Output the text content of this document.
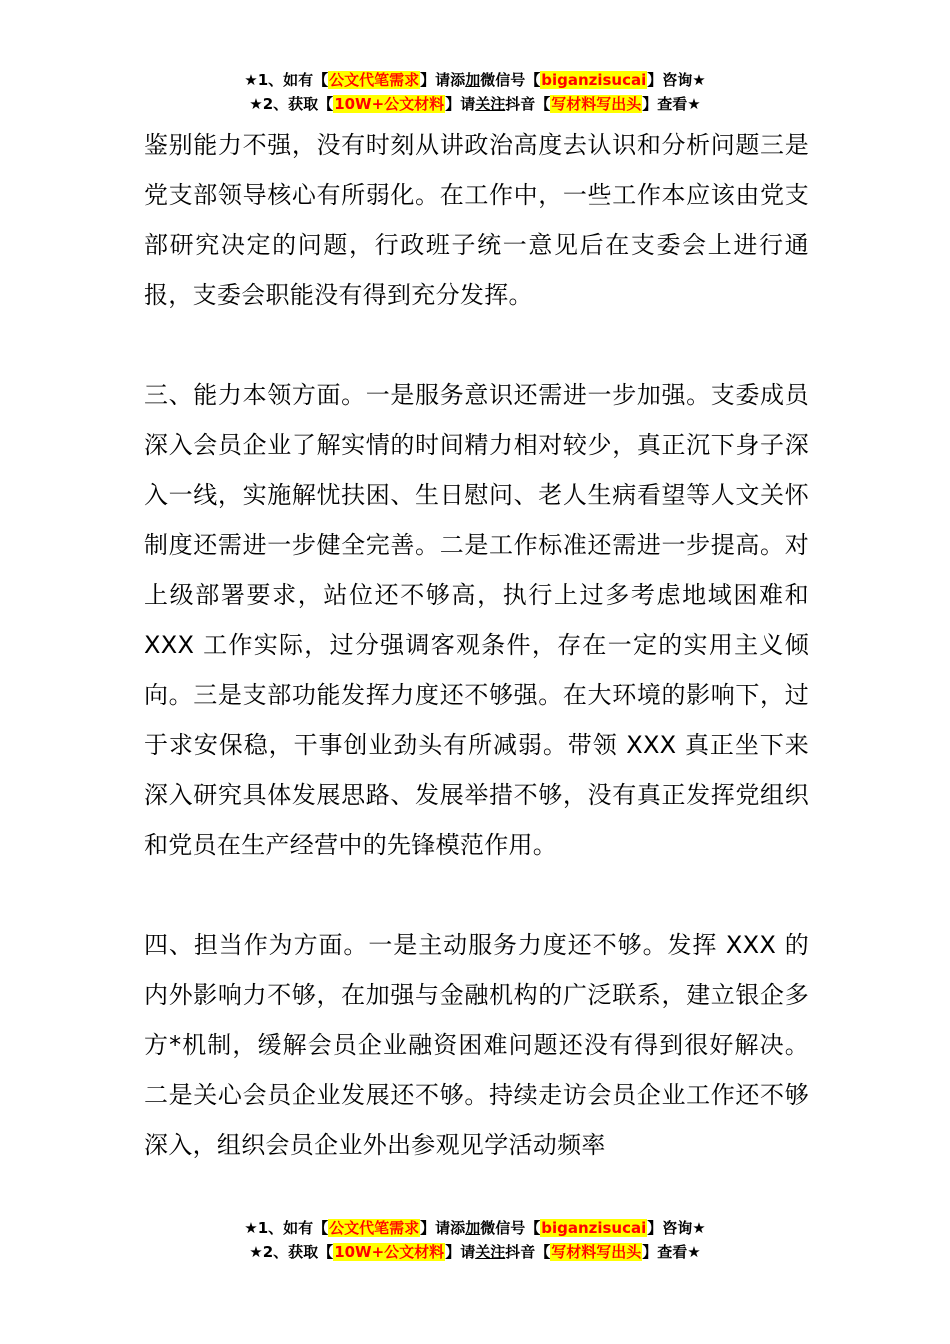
★1、如有【公文代笔需求】请添加微信号【biganzisucai】咨询★
★2、获取【10W+公文材料】请关注抖音【写材料写出头】查看★

鉴别能力不强，没有时刻从讲政治高度去认识和分析问题三是党支部领导核心有所弱化。在工作中，一些工作本应该由党支部研究决定的问题，行政班子统一意见后在支委会上进行通报，支委会职能没有得到充分发挥。

三、能力本领方面。一是服务意识还需进一步加强。支委成员深入会员企业了解实情的时间精力相对较少，真正沉下身子深入一线，实施解忧扶困、生日慰问、老人生病看望等人文关怀制度还需进一步健全完善。二是工作标准还需进一步提高。对上级部署要求，站位还不够高，执行上过多考虑地域困难和 XXX 工作实际，过分强调客观条件，存在一定的实用主义倾向。三是支部功能发挥力度还不够强。在大环境的影响下，过于求安保稳，干事创业劲头有所减弱。带领 XXX 真正坐下来深入研究具体发展思路、发展举措不够，没有真正发挥党组织和党员在生产经营中的先锋模范作用。

四、担当作为方面。一是主动服务力度还不够。发挥 XXX 的内外影响力不够，在加强与金融机构的广泛联系，建立银企多方*机制，缓解会员企业融资困难问题还没有得到很好解决。二是关心会员企业发展还不够。持续走访会员企业工作还不够深入，组织会员企业外出参观见学活动频率

★1、如有【公文代笔需求】请添加微信号【biganzisucai】咨询★
★2、获取【10W+公文材料】请关注抖音【写材料写出头】查看★
